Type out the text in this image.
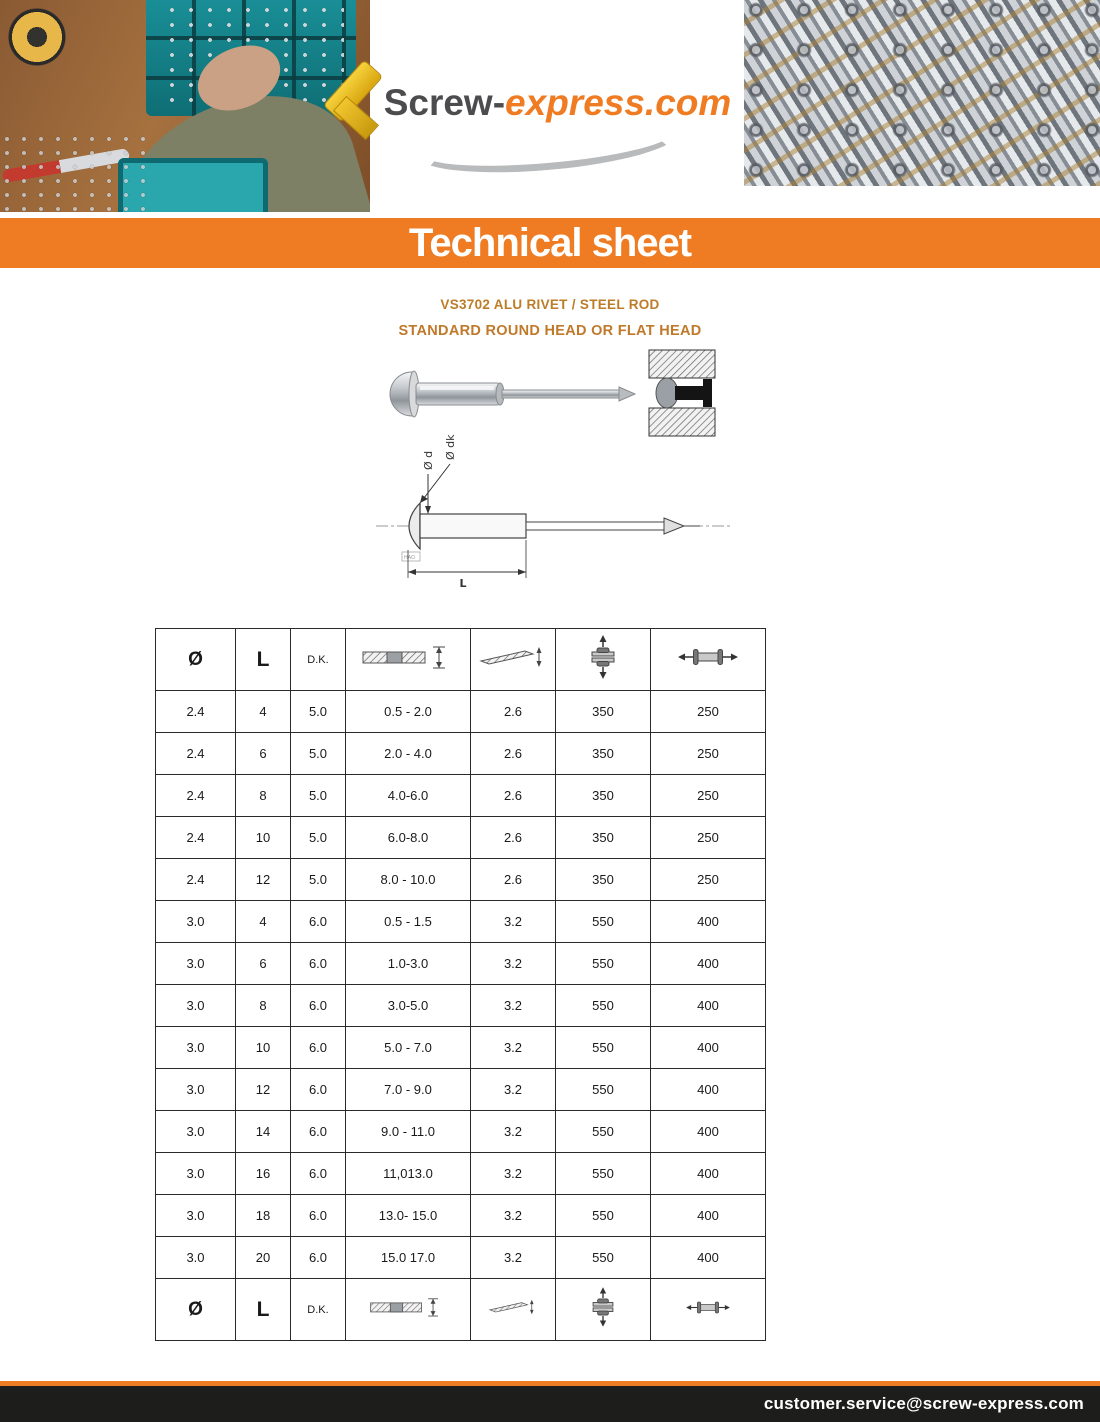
Screw-express.com
Technical sheet
VS3702 ALU RIVET / STEEL ROD
STANDARD ROUND HEAD OR FLAT HEAD
Ø d
Ø dk
HAO
L
Ø	L	D.K.				
2.4	4	5.0	0.5 - 2.0	2.6	350	250
2.4	6	5.0	2.0 - 4.0	2.6	350	250
2.4	8	5.0	4.0-6.0	2.6	350	250
2.4	10	5.0	6.0-8.0	2.6	350	250
2.4	12	5.0	8.0 - 10.0	2.6	350	250
3.0	4	6.0	0.5 - 1.5	3.2	550	400
3.0	6	6.0	1.0-3.0	3.2	550	400
3.0	8	6.0	3.0-5.0	3.2	550	400
3.0	10	6.0	5.0 - 7.0	3.2	550	400
3.0	12	6.0	7.0 - 9.0	3.2	550	400
3.0	14	6.0	9.0 - 11.0	3.2	550	400
3.0	16	6.0	11,013.0	3.2	550	400
3.0	18	6.0	13.0- 15.0	3.2	550	400
3.0	20	6.0	15.0 17.0	3.2	550	400
Ø	L	D.K.				
customer.service@screw-express.com
